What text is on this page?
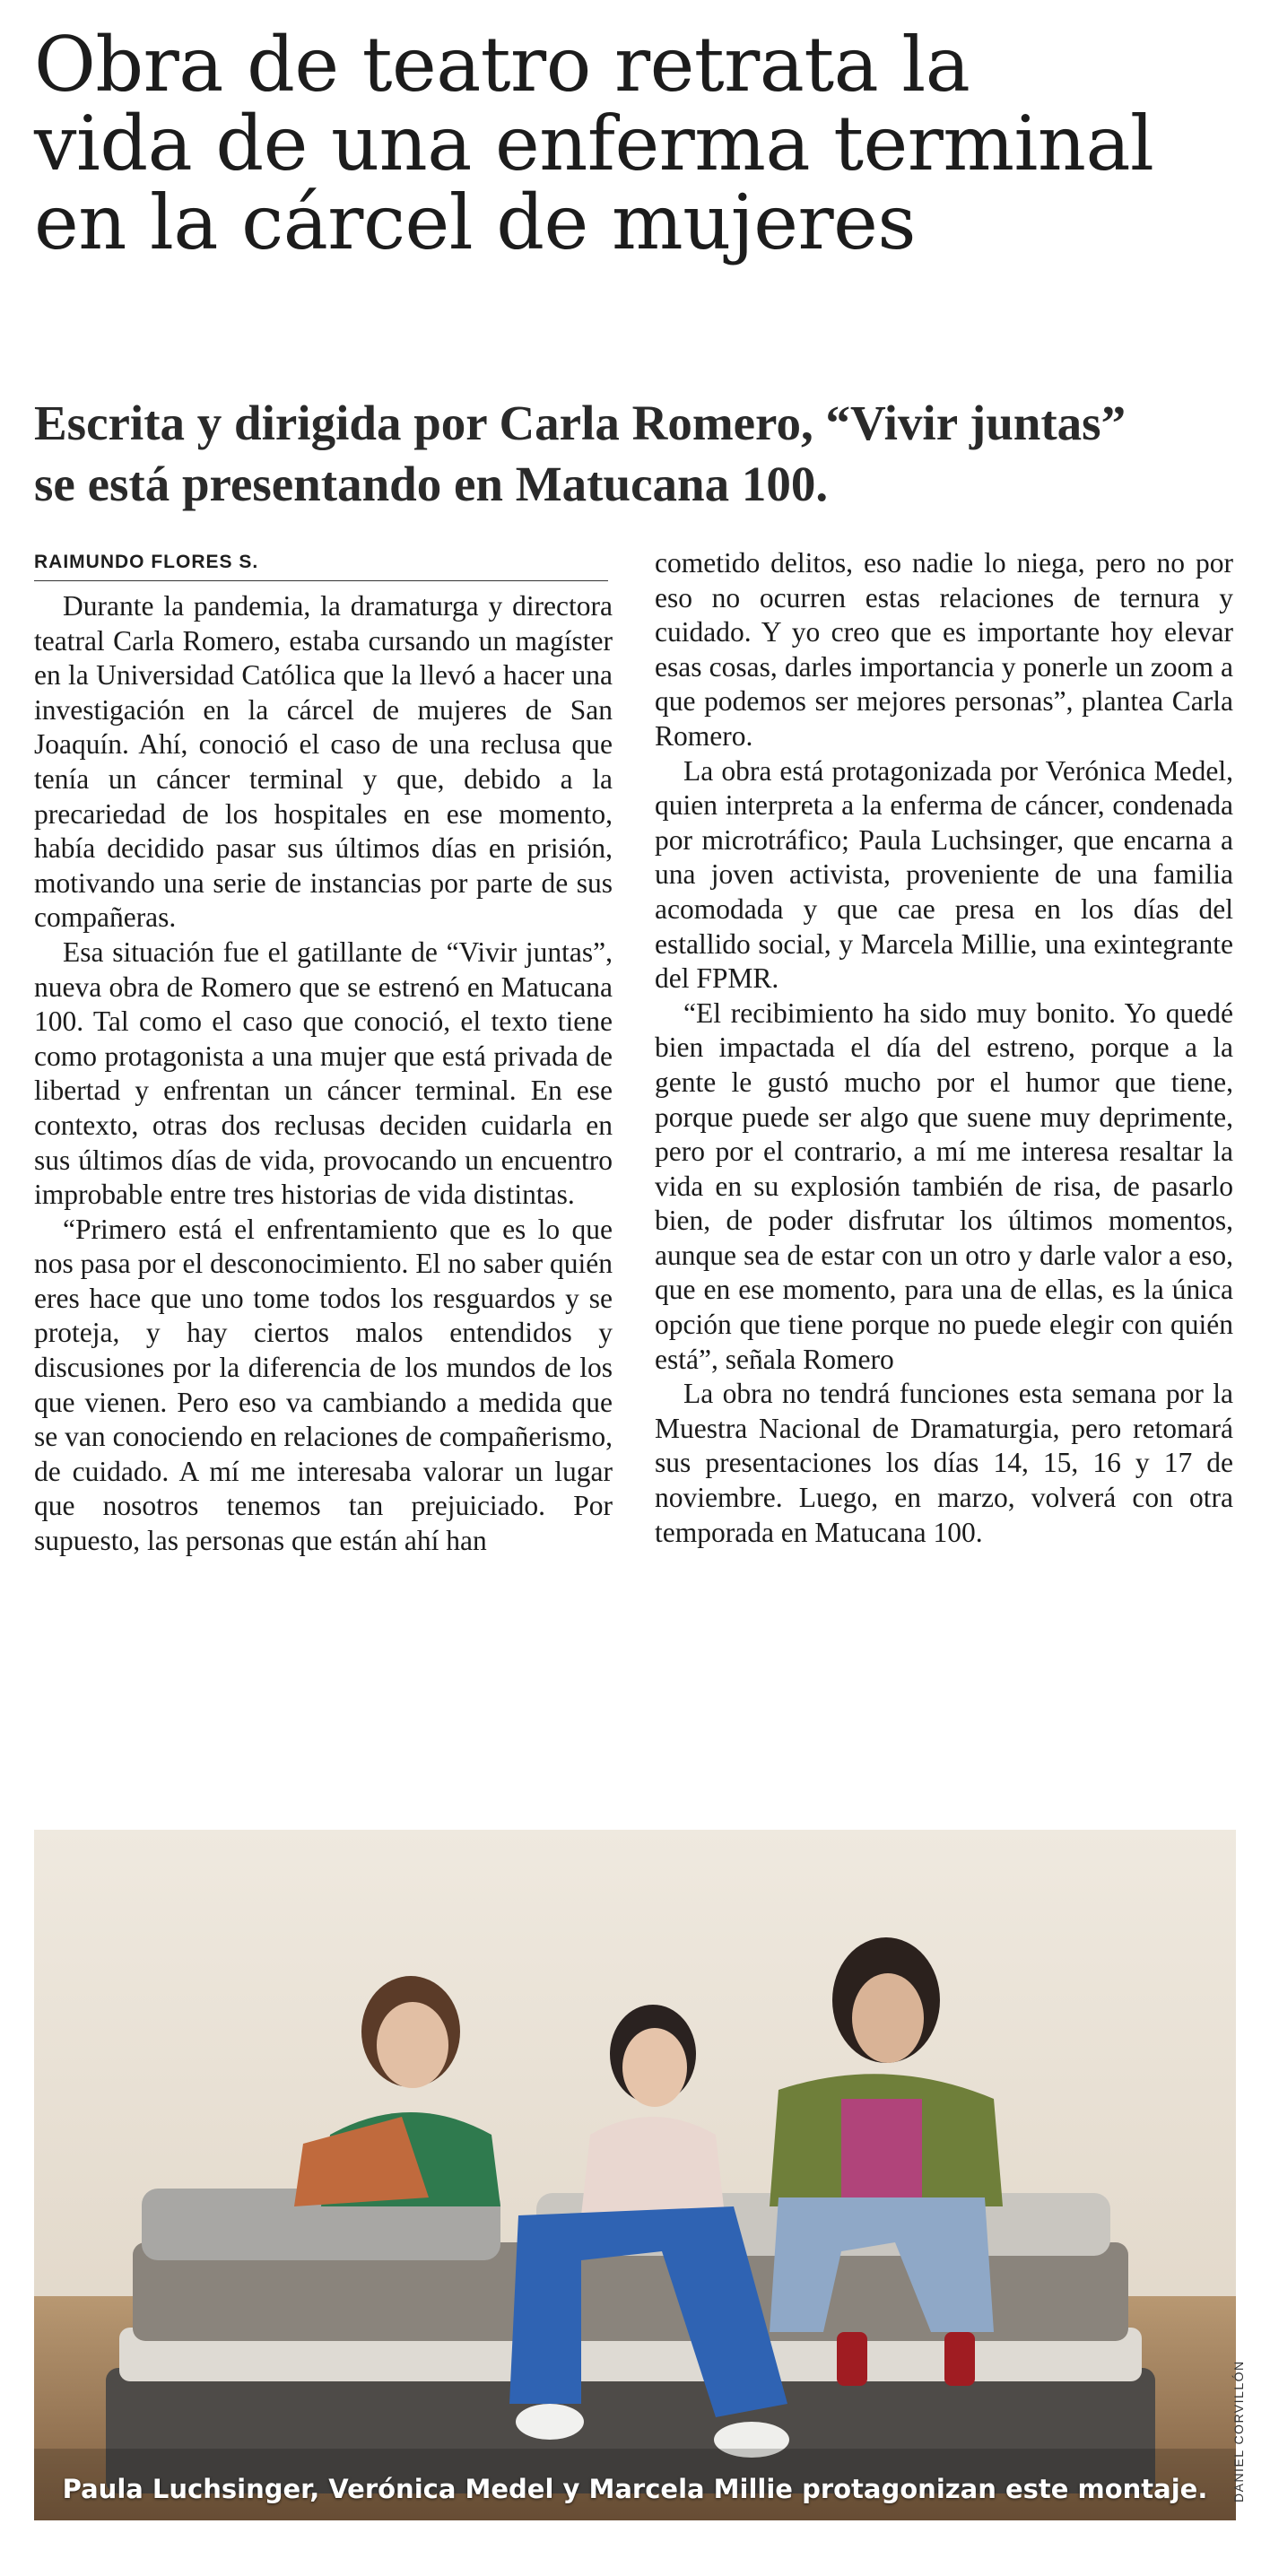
Obra de teatro retrata la
vida de una enferma terminal
en la cárcel de mujeres
Escrita y dirigida por Carla Romero, “Vivir juntas”
se está presentando en Matucana 100.
RAIMUNDO FLORES S.

Durante la pandemia, la dramaturga y directora teatral Carla Romero, estaba cursando un magíster en la Universidad Católica que la llevó a hacer una investigación en la cárcel de mujeres de San Joaquín. Ahí, conoció el caso de una reclusa que tenía un cáncer terminal y que, debido a la precariedad de los hospitales en ese momento, había decidido pasar sus últimos días en prisión, motivando una serie de instancias por parte de sus compañeras.

Esa situación fue el gatillante de “Vivir juntas”, nueva obra de Romero que se estrenó en Matucana 100. Tal como el caso que conoció, el texto tiene como protagonista a una mujer que está privada de libertad y enfrentan un cáncer terminal. En ese contexto, otras dos reclusas deciden cuidarla en sus últimos días de vida, provocando un encuentro improbable entre tres historias de vida distintas.

“Primero está el enfrentamiento que es lo que nos pasa por el desconocimiento. El no saber quién eres hace que uno tome todos los resguardos y se proteja, y hay ciertos malos entendidos y discusiones por la diferencia de los mundos de los que vienen. Pero eso va cambiando a medida que se van conociendo en relaciones de compañerismo, de cuidado. A mí me interesaba valorar un lugar que nosotros tenemos tan prejuiciado. Por supuesto, las personas que están ahí han

cometido delitos, eso nadie lo niega, pero no por eso no ocurren estas relaciones de ternura y cuidado. Y yo creo que es importante hoy elevar esas cosas, darles importancia y ponerle un zoom a que podemos ser mejores personas”, plantea Carla Romero.

La obra está protagonizada por Verónica Medel, quien interpreta a la enferma de cáncer, condenada por microtráfico; Paula Luchsinger, que encarna a una joven activista, proveniente de una familia acomodada y que cae presa en los días del estallido social, y Marcela Millie, una exintegrante del FPMR.

“El recibimiento ha sido muy bonito. Yo quedé bien impactada el día del estreno, porque a la gente le gustó mucho por el humor que tiene, porque puede ser algo que suene muy deprimente, pero por el contrario, a mí me interesa resaltar la vida en su explosión también de risa, de pasarlo bien, de poder disfrutar los últimos momentos, aunque sea de estar con un otro y darle valor a eso, que en ese momento, para una de ellas, es la única opción que tiene porque no puede elegir con quién está”, señala Romero

La obra no tendrá funciones esta semana por la Muestra Nacional de Dramaturgia, pero retomará sus presentaciones los días 14, 15, 16 y 17 de noviembre. Luego, en marzo, volverá con otra temporada en Matucana 100.

Paula Luchsinger, Verónica Medel y Marcela Millie protagonizan este montaje.	DANIEL CORVILLÓN
